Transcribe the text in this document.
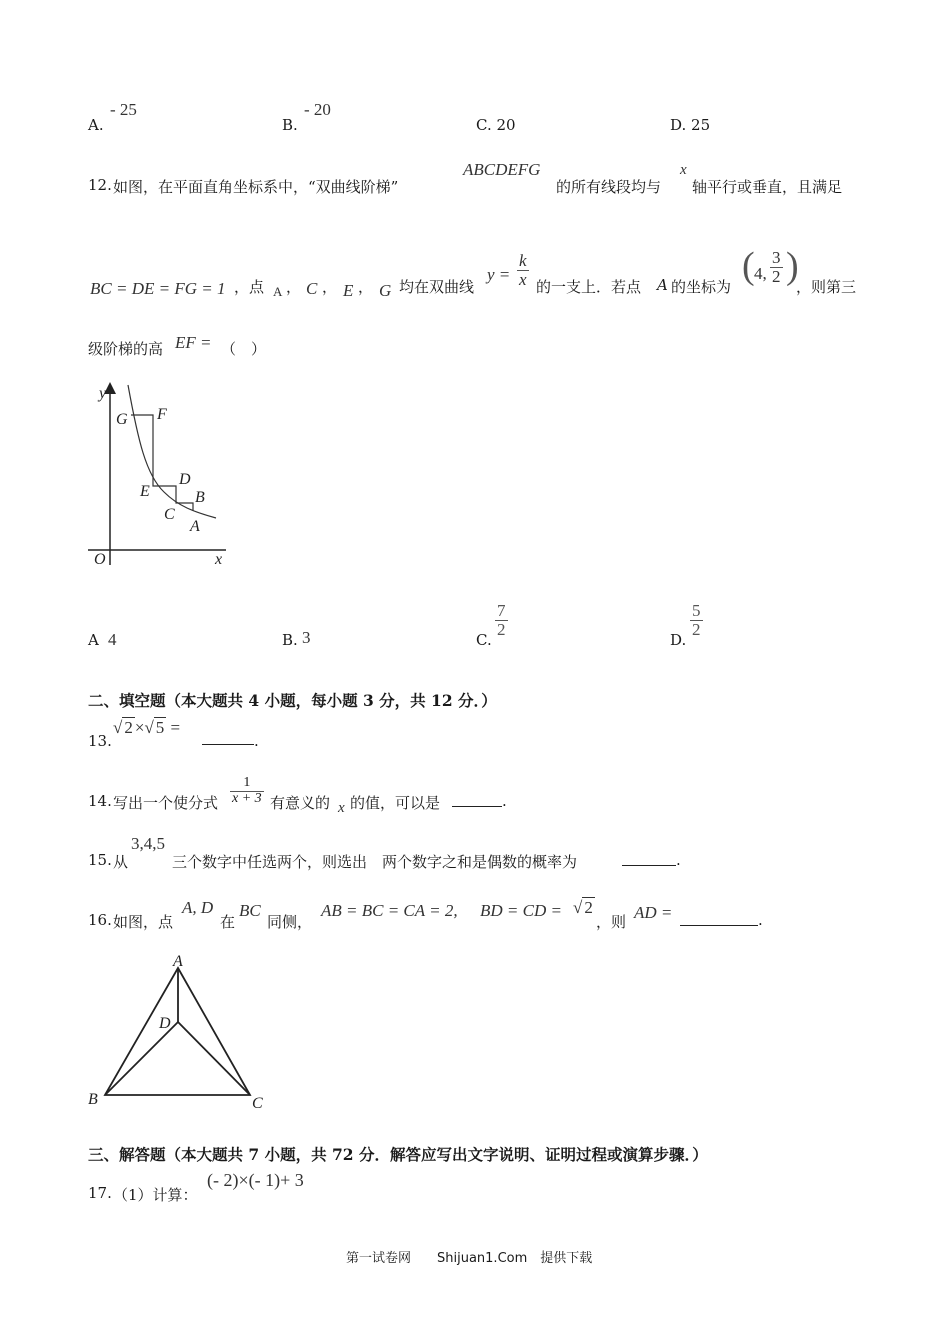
A.
- 25
B.
- 20
C. 20	D. 25
12. 如图，在平面直角坐标系中，“双曲线阶梯”
ABCDEFG
的所有线段均与
x
轴平行或垂直，且满足
BC = DE = FG = 1 ，点 A ， C ， E ， G 均在双曲线
$y = \frac{k}{x}$ 的一支上．若点 A 的坐标为 ( 4, $\frac{3}{2}$ )
，则第三
级阶梯的高 EF = （　）
y
x
O
G F
D
E	B
C
A
A 4	B. 3	C.
$\frac{7}{2}$
D.
$\frac{5}{2}$
二、填空题（本大题共 4 小题，每小题 3 分，共 12 分．）
13.
√ 2 ×√ 5 =
.
14. 写出一个使分式 $\frac{1}{x + 3}$ 有意义的 x 的值，可以是	.
15. 从
3,4,5
三个数字中任选两个，则选出　两个数字之和是偶数的概率为	.
16. 如图，点
A, D
在
BC
同侧，
AB = BC = CA = 2, BD = CD = √ 2
，则 AD =	.
A
D
B	C
三、解答题（本大题共 7 小题，共 72 分．解答应写出文字说明、证明过程或演算步骤．）
17. （1）计算：
(- 2)×(- 1)+ 3
第一试卷网　　Shijuan1.Com　提供下载
